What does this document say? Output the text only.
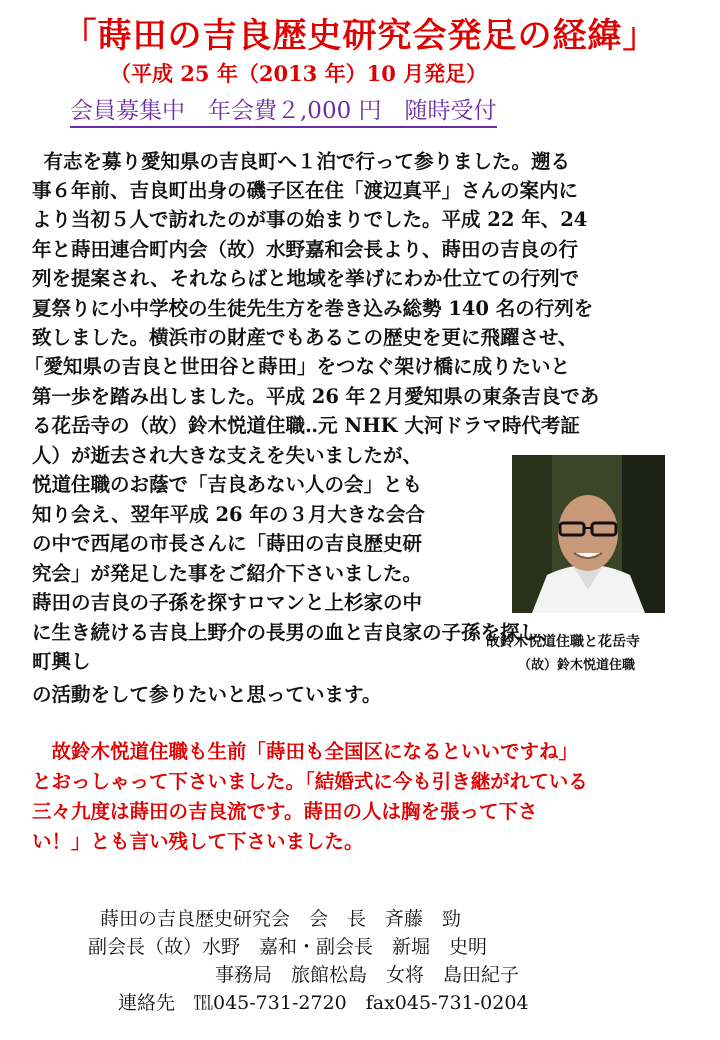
「蒔田の吉良歴史研究会発足の経緯」
（平成 25 年（2013 年）10 月発足）
会員募集中　年会費２,000 円　随時受付
　有志を募り愛知県の吉良町へ１泊で行って参りました。遡る
事６年前、吉良町出身の磯子区在住「渡辺真平」さんの案内に
より当初５人で訪れたのが事の始まりでした。平成 22 年、24
年と蒔田連合町内会（故）水野嘉和会長より、蒔田の吉良の行
列を提案され、それならばと地域を挙げにわか仕立ての行列で
夏祭りに小中学校の生徒先生方を巻き込み総勢 140 名の行列を
致しました。横浜市の財産でもあるこの歴史を更に飛躍させ、
「愛知県の吉良と世田谷と蒔田」をつなぐ架け橋に成りたいと
第一歩を踏み出しました。平成 26 年２月愛知県の東条吉良であ
る花岳寺の（故）鈴木悦道住職‥元 NHK 大河ドラマ時代考証
人）が逝去され大きな支えを失いましたが、
悦道住職のお蔭で「吉良あない人の会」とも
知り会え、翌年平成 26 年の３月大きな会合
の中で西尾の市長さんに「蒔田の吉良歴史研
究会」が発足した事をご紹介下さいました。
蒔田の吉良の子孫を探すロマンと上杉家の中
に生き続ける吉良上野介の長男の血と吉良家の子孫を探し、
町興し
の活動をして参りたいと思っています。
故鈴木悦道住職と花岳寺
（故）鈴木悦道住職
　故鈴木悦道住職も生前「蒔田も全国区になるといいですね」
とおっしゃって下さいました。「結婚式に今も引き継がれている
三々九度は蒔田の吉良流です。蒔田の人は胸を張って下さ
い！」とも言い残して下さいました。
蒔田の吉良歴史研究会　会　長　斉藤　勁
副会長（故）水野　嘉和・副会長　新堀　史明
事務局　旅館松島　女将　島田紀子
連絡先　℡045-731-2720　fax045-731-0204
